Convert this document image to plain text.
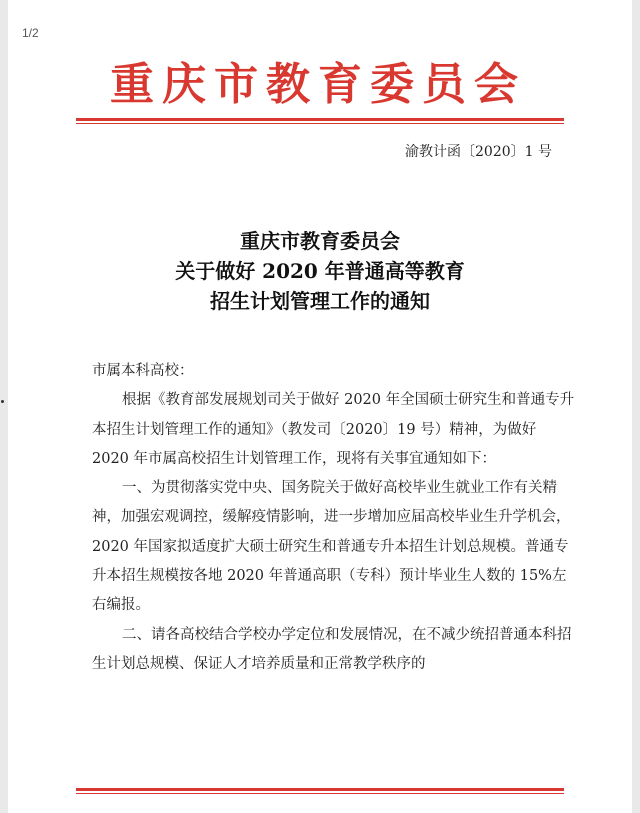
重庆市教育委员会
渝教计函〔2020〕1 号

重庆市教育委员会

关于做好 2020 年普通高等教育

招生计划管理工作的通知

市属本科高校：

根据《教育部发展规划司关于做好 2020 年全国硕士研究生和普通专升本招生计划管理工作的通知》（教发司〔2020〕19 号）精神，为做好 2020 年市属高校招生计划管理工作，现将有关事宜通知如下：

一、为贯彻落实党中央、国务院关于做好高校毕业生就业工作有关精神，加强宏观调控，缓解疫情影响，进一步增加应届高校毕业生升学机会，2020 年国家拟适度扩大硕士研究生和普通专升本招生计划总规模。普通专升本招生规模按各地 2020 年普通高职（专科）预计毕业生人数的 15%左右编报。

二、请各高校结合学校办学定位和发展情况，在不减少统招普通本科招生计划总规模、保证人才培养质量和正常教学秩序的

1/2
